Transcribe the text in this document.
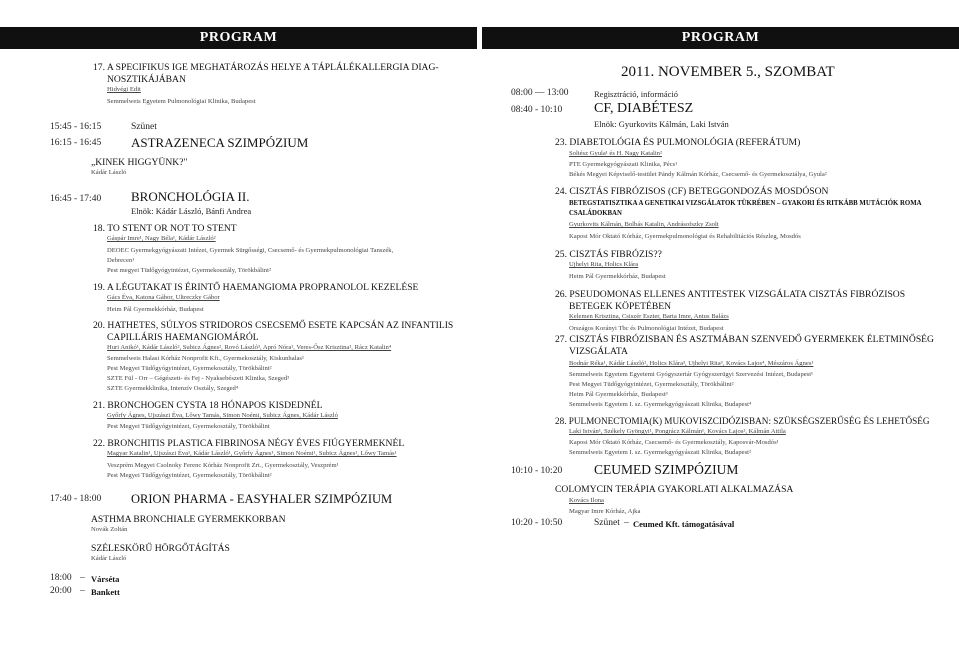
PROGRAM	PROGRAM
17. A SPECIFIKUS IGE MEGHATÁROZÁS HELYE A TÁPLÁLÉKALLERGIA DIAG-
NOSZTIKÁJÁBAN
Hidvégi Edit
Semmelweis Egyetem Pulmonológiai Klinika, Budapest
15:45 - 16:15	Szünet
16:15 - 16:45 ASTRAZENECA SZIMPÓZIUM
„KINEK HIGGYÜNK?"
Kádár László
16:45 - 17:40 BRONCHOLÓGIA II.
Elnök: Kádár László, Bánfi Andrea
18. TO STENT OR NOT TO STENT
Gáspár Imre¹, Nagy Béla¹, Kádár László²
DEOEC Gyermekgyógyászati Intézet, Gyermek Sürgősségi, Csecsemő- és Gyermekpulmonológiai Tanszék,
Debrecen¹
Pest megyei Tüdőgyógyintézet, Gyermekosztály, Törökbálint²
19. A LÉGUTAKAT IS ÉRINTŐ HAEMANGIOMA PROPRANOLOL KEZELÉSE
Gács Éva, Katona Gábor, Ultreczky Gábor
Heim Pál Gyermekkórház, Budapest
20. HATHETES, SÚLYOS STRIDOROS CSECSEMŐ ESETE KAPCSÁN AZ INFANTILIS
CAPILLÁRIS HAEMANGIOMÁRÓL
Huri Anikó¹, Kádár László², Subicz Ágnes², Rovó László³, Apró Nóra¹, Veres-Ősz Krisztina¹, Rácz Katalin⁴
Semmelweis Halasi Kórház Nonprofit Kft., Gyermekosztály, Kiskunhalas¹
Pest Megyei Tüdőgyógyintézet, Gyermekosztály, Törökbálint²
SZTE Fül - Orr – Gégészeti- és Fej - Nyaksebészeti Klinika, Szeged³
SZTE Gyermekklinika, Intenzív Osztály, Szeged⁴
21. BRONCHOGEN CYSTA 18 HÓNAPOS KISDEDNÉL
Győrfy Ágnes, Ujszászi Éva, Lőwy Tamás, Simon Noémi, Subicz Ágnes, Kádár László
Pest Megyei Tüdőgyógyintézet, Gyermekosztály, Törökbálint
22. BRONCHITIS PLASTICA FIBRINOSA NÉGY ÉVES FIÚGYERMEKNÉL
Magyar Katalin¹, Ujszászi Éva¹, Kádár László¹, Győrfy Ágnes¹, Simon Noémi¹, Subicz Ágnes¹, Lőwy Tamás¹
Veszprém Megyei Csolnoky Ferenc Kórház Nonprofit Zrt., Gyermekosztály, Veszprém¹
Pest Megyei Tüdőgyógyintézet, Gyermekosztály, Törökbálint²
17:40 - 18:00 ORION PHARMA - EASYHALER SZIMPÓZIUM
ASTHMA BRONCHIALE GYERMEKKORBAN
Novák Zoltán
SZÉLESKÖRŰ HÖRGŐTÁGÍTÁS
Kádár László
18:00 – Várséta
20:00 – Bankett
2011. NOVEMBER 5., SZOMBAT
08:00 — 13:00	Regisztráció, információ
08:40 - 10:10 CF, DIABÉTESZ
Elnök: Gyurkovits Kálmán, Laki István
23. DIABETOLÓGIA ÉS PULMONOLÓGIA (REFERÁTUM)
Soltész Gyula¹ és H. Nagy Katalin²
PTE Gyermekgyógyászati Klinika, Pécs¹
Békés Megyei Képviselő-testület Pándy Kálmán Kórház, Csecsemő- és Gyermekosztálya, Gyula²
24. CISZTÁS FIBRÓZISOS (CF) BETEGGONDOZÁS MOSDÓSON
BETEGSTATISZTIKA A GENETIKAI VIZSGÁLATOK TÜKRÉBEN – GYAKORI ÉS RITKÁBB MUTÁCIÓK ROMA
CSALÁDOKBAN
Gyurkovits Kálmán, Bolbás Katalin, Andrásofszky Zsolt
Kaposi Mór Oktató Kórház, Gyermekpulmonológiai és Rehabilitációs Részleg, Mosdós
25. CISZTÁS FIBRÓZIS??
Ujhelyi Rita, Holics Klára
Heim Pál Gyermekkórház, Budapest
26. PSEUDOMONAS ELLENES ANTITESTEK VIZSGÁLATA CISZTÁS FIBRÓZISOS
BETEGEK KÖPETÉBEN
Kelemen Krisztina, Csiszér Eszter, Barta Imre, Antus Balázs
Országos Korányi Tbc és Pulmonológiai Intézet, Budapest
27. CISZTÁS FIBRÓZISBAN ÉS ASZTMÁBAN SZENVEDŐ GYERMEKEK ÉLETMINŐSÉG
VIZSGÁLATA
Bodnár Réka¹, Kádár László², Holics Klára³, Ujhelyi Rita³, Kovács Lajos⁴, Mészáros Ágnes¹
Semmelweis Egyetem Egyetemi Gyógyszertár Gyógyszerügyi Szervezési Intézet, Budapest¹
Pest Megyei Tüdőgyógyintézet, Gyermekosztály, Törökbálint²
Heim Pál Gyermekkórház, Budapest³
Semmelweis Egyetem I. sz. Gyermekgyógyászati Klinika, Budapest⁴
28. PULMONECTOMIA(K) MUKOVISZCIDÓZISBAN: SZÜKSÉGSZERŰSÉG ÉS LEHETŐSÉG
Laki István¹, Székely Gyöngyi¹, Pongrácz Kálmán¹, Kovács Lajos², Kálmán Attila
Kaposi Mór Oktató Kórház, Csecsemő- és Gyermekosztály, Kaposvár-Mosdós¹
Semmelweis Egyetem I. sz. Gyermekgyógyászati Klinika, Budapest²
10:10 - 10:20 CEUMED SZIMPÓZIUM
COLOMYCIN TERÁPIA GYAKORLATI ALKALMAZÁSA
Kovács Ilona
Magyar Imre Kórház, Ajka
10:20 - 10:50	Szünet – Ceumed Kft. támogatásával
